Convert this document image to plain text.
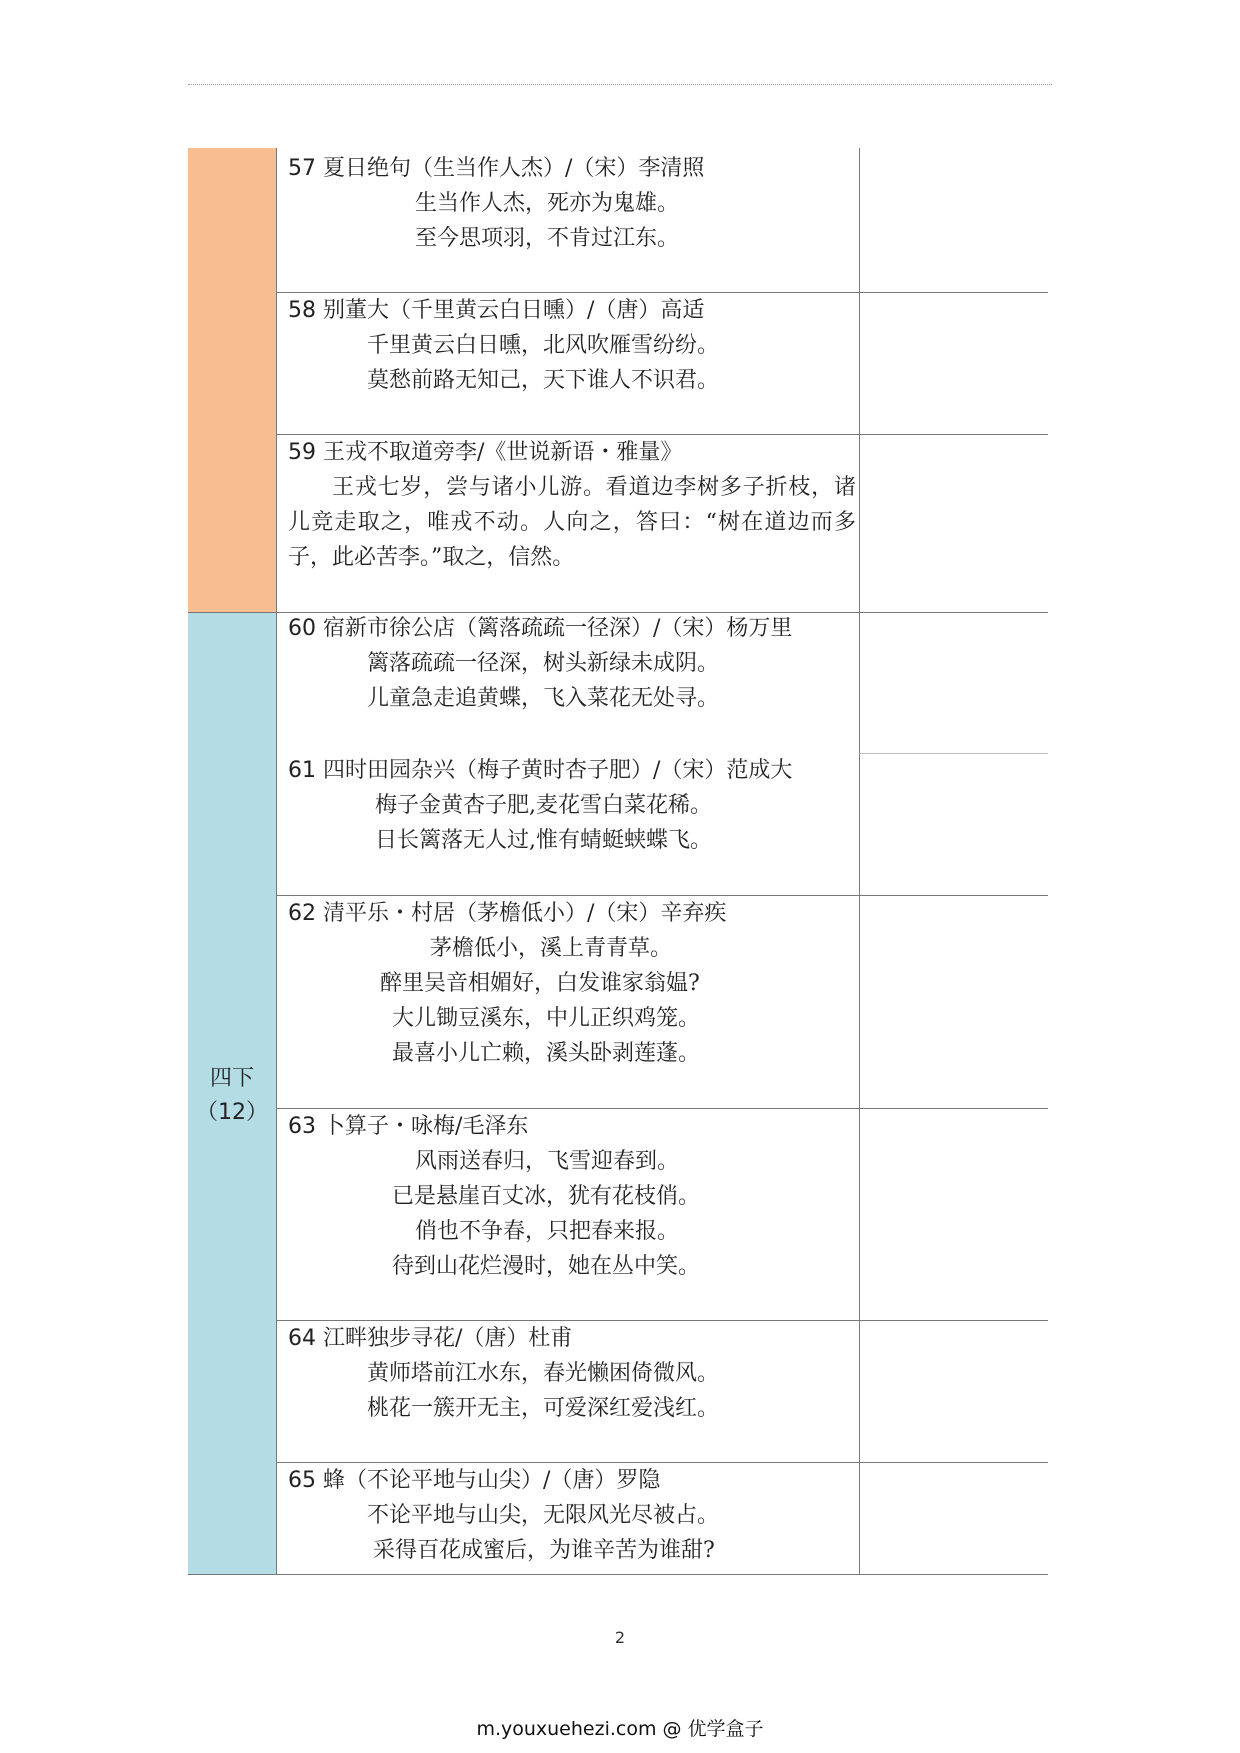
四下
（12）
57 夏日绝句（生当作人杰）/（宋）李清照
生当作人杰，死亦为鬼雄。
至今思项羽，不肯过江东。
58 别董大（千里黄云白日曛）/（唐）高适
千里黄云白日曛，北风吹雁雪纷纷。
莫愁前路无知己，天下谁人不识君。
59 王戎不取道旁李/《世说新语・雅量》
王戎七岁，尝与诸小儿游。看道边李树多子折枝，诸儿竞走取之，唯戎不动。人向之，答曰：“树在道边而多子，此必苦李。”取之，信然。
60 宿新市徐公店（篱落疏疏一径深）/（宋）杨万里
篱落疏疏一径深，树头新绿未成阴。
儿童急走追黄蝶，飞入菜花无处寻。
61 四时田园杂兴（梅子黄时杏子肥）/（宋）范成大
梅子金黄杏子肥,麦花雪白菜花稀。
日长篱落无人过,惟有蜻蜓蛱蝶飞。
62 清平乐・村居（茅檐低小）/（宋）辛弃疾
茅檐低小，溪上青青草。
醉里吴音相媚好，白发谁家翁媪?
大儿锄豆溪东，中儿正织鸡笼。
最喜小儿亡赖，溪头卧剥莲蓬。
63 卜算子・咏梅/毛泽东
风雨送春归，飞雪迎春到。
已是悬崖百丈冰，犹有花枝俏。
俏也不争春，只把春来报。
待到山花烂漫时，她在丛中笑。
64 江畔独步寻花/（唐）杜甫
黄师塔前江水东，春光懒困倚微风。
桃花一簇开无主，可爱深红爱浅红。
65 蜂（不论平地与山尖）/（唐）罗隐
不论平地与山尖，无限风光尽被占。
采得百花成蜜后，为谁辛苦为谁甜?
2
m.youxuehezi.com @ 优学盒子
